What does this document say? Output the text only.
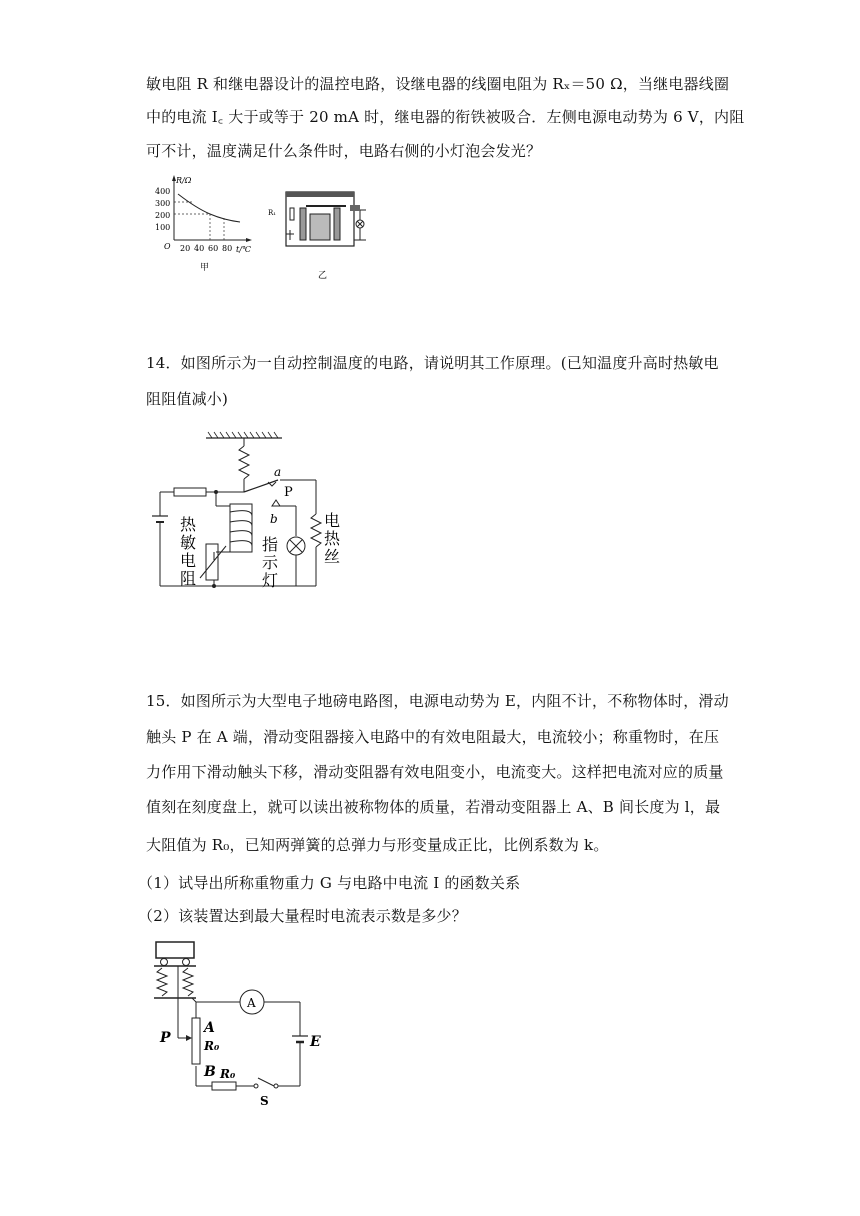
敏电阻 R 和继电器设计的温控电路，设继电器的线圈电阻为 Rₓ＝50 Ω，当继电器线圈
中的电流 I꜀ 大于或等于 20 mA 时，继电器的衔铁被吸合．左侧电源电动势为 6 V，内阻
可不计，温度满足什么条件时，电路右侧的小灯泡会发光？
R/Ω
O
400
300
200
100
20 40 60 80 t/℃
甲
R₁
乙
14．如图所示为一自动控制温度的电路，请说明其工作原理。(已知温度升高时热敏电
阻阻值减小)
a
P
b
热
敏
电
阻
指
示
灯
电
热
丝
15．如图所示为大型电子地磅电路图，电源电动势为 E，内阻不计，不称物体时，滑动
触头 P 在 A 端，滑动变阻器接入电路中的有效电阻最大，电流较小；称重物时，在压
力作用下滑动触头下移，滑动变阻器有效电阻变小，电流变大。这样把电流对应的质量
值刻在刻度盘上，就可以读出被称物体的质量，若滑动变阻器上 A、B 间长度为 l，最
大阻值为 R₀，已知两弹簧的总弹力与形变量成正比，比例系数为 k。
（1）试导出所称重物重力 G 与电路中电流 I 的函数关系
（2）该装置达到最大量程时电流表示数是多少？
A
E
S
R₀
A
R₀
B
P
